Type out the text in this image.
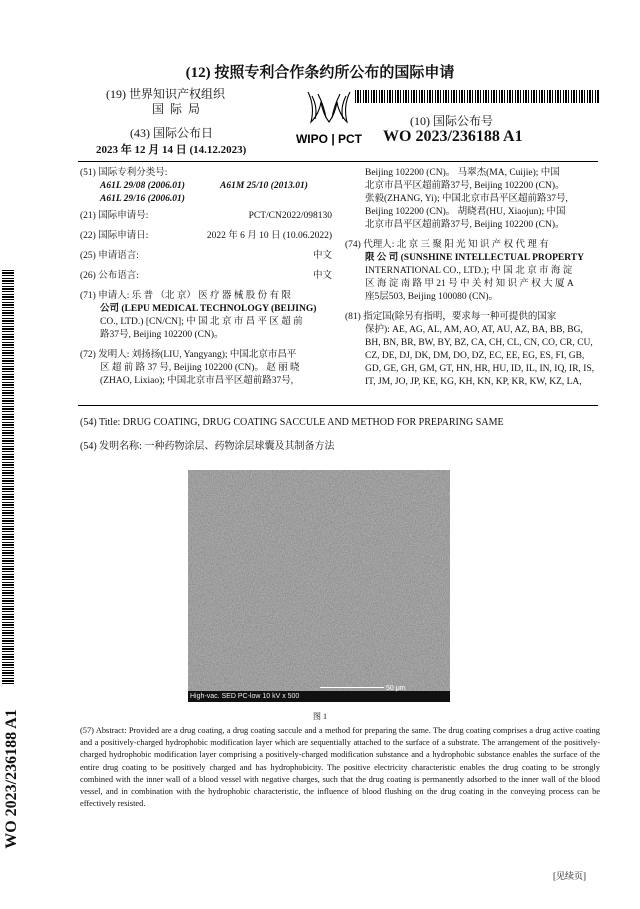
(12) 按照专利合作条约所公布的国际申请
(19) 世界知识产权组织
国际局
(43) 国际公布日
2023 年 12 月 14 日 (14.12.2023)
WIPO | PCT
(10) 国际公布号
WO 2023/236188 A1
(51) 国际专利分类号:
A61L 29/08 (2006.01)	A61M 25/10 (2013.01)
A61L 29/16 (2006.01)
(21) 国际申请号:	PCT/CN2022/098130
(22) 国际申请日:	2022 年 6 月 10 日 (10.06.2022)
(25) 申请语言:	中文
(26) 公布语言:	中文
(71) 申请人: 乐 普 （北 京） 医 疗 器 械 股 份 有 限
公司 (LEPU MEDICAL TECHNOLOGY (BEIJING)
CO., LTD.) [CN/CN]; 中 国 北 京 市 昌 平 区 超 前
路37号, Beijing 102200 (CN)。
(72) 发明人: 刘扬扬(LIU, Yangyang); 中国北京市昌平
区 超 前 路 37 号, Beijing 102200 (CN)。 赵 丽 晓
(ZHAO, Lixiao); 中国北京市昌平区超前路37号,
Beijing 102200 (CN)。 马翠杰(MA, Cuijie); 中国
北京市昌平区超前路37号, Beijing 102200 (CN)。
张毅(ZHANG, Yi); 中国北京市昌平区超前路37号,
Beijing 102200 (CN)。 胡晓君(HU, Xiaojun); 中国
北京市昌平区超前路37号, Beijing 102200 (CN)。
(74) 代理人: 北 京 三 聚 阳 光 知 识 产 权 代 理 有
限 公 司 (SUNSHINE INTELLECTUAL PROPERTY
INTERNATIONAL CO., LTD.); 中 国 北 京 市 海 淀
区 海 淀 南 路 甲 21 号 中 关 村 知 识 产 权 大 厦 A
座5层503, Beijing 100080 (CN)。
(81) 指定国(除另有指明，要求每一种可提供的国家
保护): AE, AG, AL, AM, AO, AT, AU, AZ, BA, BB, BG,
BH, BN, BR, BW, BY, BZ, CA, CH, CL, CN, CO, CR, CU,
CZ, DE, DJ, DK, DM, DO, DZ, EC, EE, EG, ES, FI, GB,
GD, GE, GH, GM, GT, HN, HR, HU, ID, IL, IN, IQ, IR, IS,
IT, JM, JO, JP, KE, KG, KH, KN, KP, KR, KW, KZ, LA,
WO 2023/236188 A1
(54) Title: DRUG COATING, DRUG COATING SACCULE AND METHOD FOR PREPARING SAME
(54) 发明名称: 一种药物涂层、药物涂层球囊及其制备方法
High-vac. SED PC-low 10 kV x 500
50 μm
图 1
(57) Abstract: Provided are a drug coating, a drug coating saccule and a method for preparing the same. The drug coating comprises a drug active coating and a positively-charged hydrophobic modification layer which are sequentially attached to the surface of a substrate. The arrangement of the positively-charged hydrophobic modification layer comprising a positively-charged modification substance and a hydrophobic substance enables the surface of the entire drug coating to be positively charged and has hydrophobicity. The positive electricity characteristic enables the drug coating to be strongly combined with the inner wall of a blood vessel with negative charges, such that the drug coating is permanently adsorbed to the inner wall of the blood vessel, and in combination with the hydrophobic characteristic, the influence of blood flushing on the drug coating in the conveying process can be effectively resisted.
[见续页]
